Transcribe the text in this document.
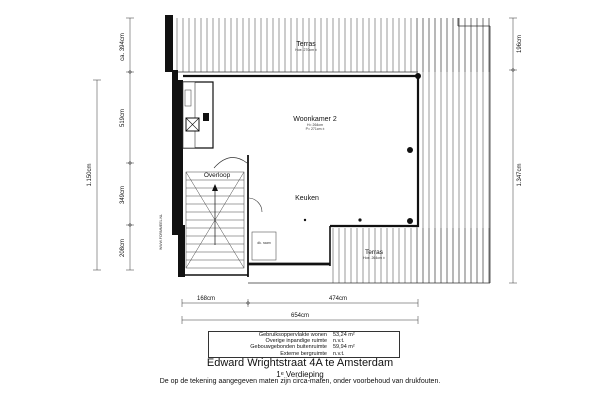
Terras
Hoe. 270cm ±
Woonkamer 2
H= 264cm
P= 271cm ±
Overloop
Keuken
dk. raam
Terras
Hoe. 264cm ±
WWW.FORMMEEL.NL
ca. 394cm
519cm
349cm
208cm
1.150cm
196cm
1.347cm
168cm	474cm
654cm
Gebruiksoppervlakte wonen	53,24 m²
Overige inpandige ruimte	n.v.t.
Gebouwgebonden buitenruimte	59,94 m²
Externe bergruimte	n.v.t.
Edward Wrightstraat 4A te Amsterdam
1ᵉ Verdieping
De op de tekening aangegeven maten zijn circa-maten, onder voorbehoud van drukfouten.
